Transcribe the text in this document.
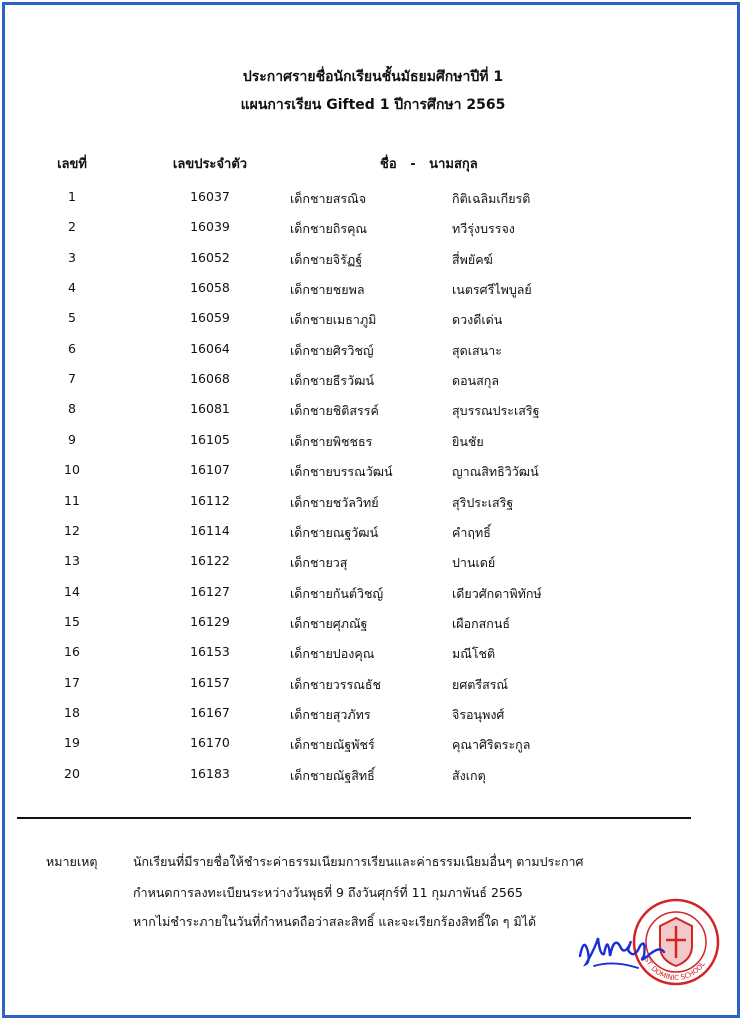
ประกาศรายชื่อนักเรียนชั้นมัธยมศึกษาปีที่ 1
แผนการเรียน Gifted 1 ปีการศึกษา 2565
เลขที่	เลขประจำตัว	ชื่อ   -   นามสกุล
1	16037	เด็กชายสรณิจ	กิติเฉลิมเกียรติ
2	16039	เด็กชายถิรคุณ	ทวีรุ่งบรรจง
3	16052	เด็กชายจิรัฏฐ์	สี่พยัคฆ์
4	16058	เด็กชายชยพล	เนตรศรีไพบูลย์
5	16059	เด็กชายเมธาภูมิ	ดวงดีเด่น
6	16064	เด็กชายศิรวิชญ์	สุดเสนาะ
7	16068	เด็กชายธีรวัฒน์	ดอนสกุล
8	16081	เด็กชายชิติสรรค์	สุบรรณประเสริฐ
9	16105	เด็กชายพิชชธร	ยินชัย
10	16107	เด็กชายบรรณวัฒน์	ญาณสิทธิวิวัฒน์
11	16112	เด็กชายชวัลวิทย์	สุริประเสริฐ
12	16114	เด็กชายณฐวัฒน์	คำฤทธิ์
13	16122	เด็กชายวสุ	ปานเดย์
14	16127	เด็กชายกันต์วิชญ์	เดียวศักดาพิทักษ์
15	16129	เด็กชายศุภณัฐ	เผือกสกนธ์
16	16153	เด็กชายปองคุณ	มณีโชติ
17	16157	เด็กชายวรรณธัช	ยศตรีสรณ์
18	16167	เด็กชายสุวภัทร	จิรอนุพงศ์
19	16170	เด็กชายณัฐพัชร์	คุณาศิริตระกูล
20	16183	เด็กชายณัฐสิทธิ์	สังเกตุ
หมายเหตุ	นักเรียนที่มีรายชื่อให้ชำระค่าธรรมเนียมการเรียนและค่าธรรมเนียมอื่นๆ ตามประกาศ
กำหนดการลงทะเบียนระหว่างวันพุธที่ 9 ถึงวันศุกร์ที่ 11 กุมภาพันธ์ 2565
หากไม่ชำระภายในวันที่กำหนดถือว่าสละสิทธิ์ และจะเรียกร้องสิทธิ์ใด ๆ มิได้
ST. DOMINIC SCHOOL
